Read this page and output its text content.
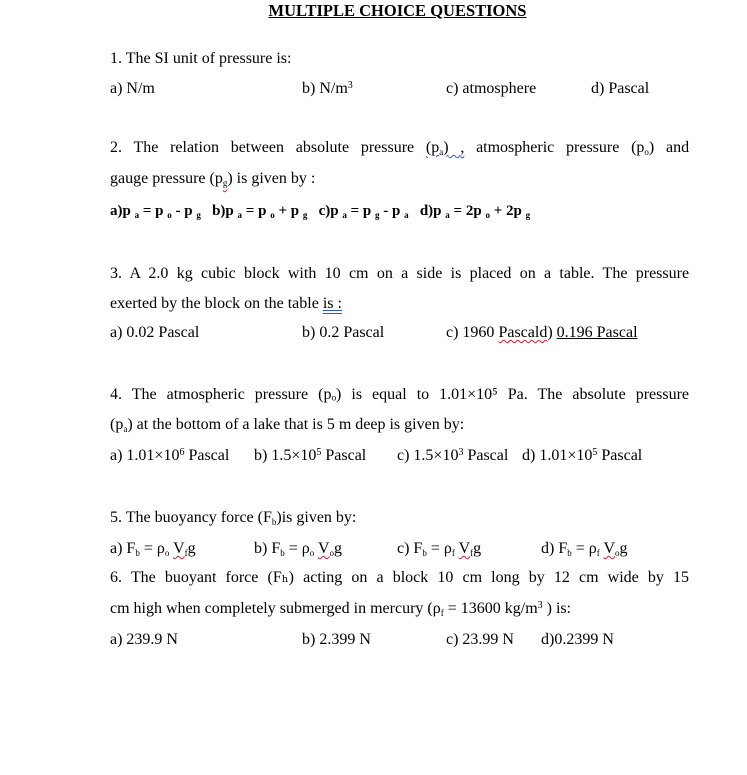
MULTIPLE CHOICE QUESTIONS
1. The SI unit of pressure is:
a) N/m	b) $N/m^3$	c) atmosphere	d) Pascal
2. The relation between absolute pressure $(p_a)$ , atmospheric pressure $(p_o)$ and
gauge pressure $(p_g)$ is given by :
a)p $_a$ = p $_o$ - p $_g$ b)p $_a$ = p $_o$ + p $_g$ c)p $_a$ = p $_g$ - p $_a$ d)p $_a$ = 2p $_o$ + 2p $_g$
3. A 2.0 kg cubic block with 10 cm on a side is placed on a table. The pressure
exerted by the block on the table is :
a) 0.02 Pascal	b) 0.2 Pascal	c) 1960 Pascald) 0.196 Pascal
4. The atmospheric pressure (pₒ) is equal to 1.01×10⁵ Pa. The absolute pressure
$(p_a)$ at the bottom of a lake that is 5 m deep is given by:
a) $1.01\times 10^6$ Pascal b) $1.5\times 10^5$ Pascal c) $1.5\times 10^3$ Pascal d) $1.01\times 10^5$ Pascal
5. The buoyancy force $(F_b)is$ given by:
a) $F_b = \rho_o$ $V_fg$	b) $F_b = \rho_o$ $V_og$	c) $F_b = \rho_f$ $V_fg$	d) $F_b = \rho_f$ $V_og$
6. The buoyant force (Fₕ) acting on a block 10 cm long by 12 cm wide by 15
cm high when completely submerged in mercury ($\rho_f = 13600$ $kg/m^3$ ) is:
a) 239.9 N	b) 2.399 N	c) 23.99 N d)0.2399 N
